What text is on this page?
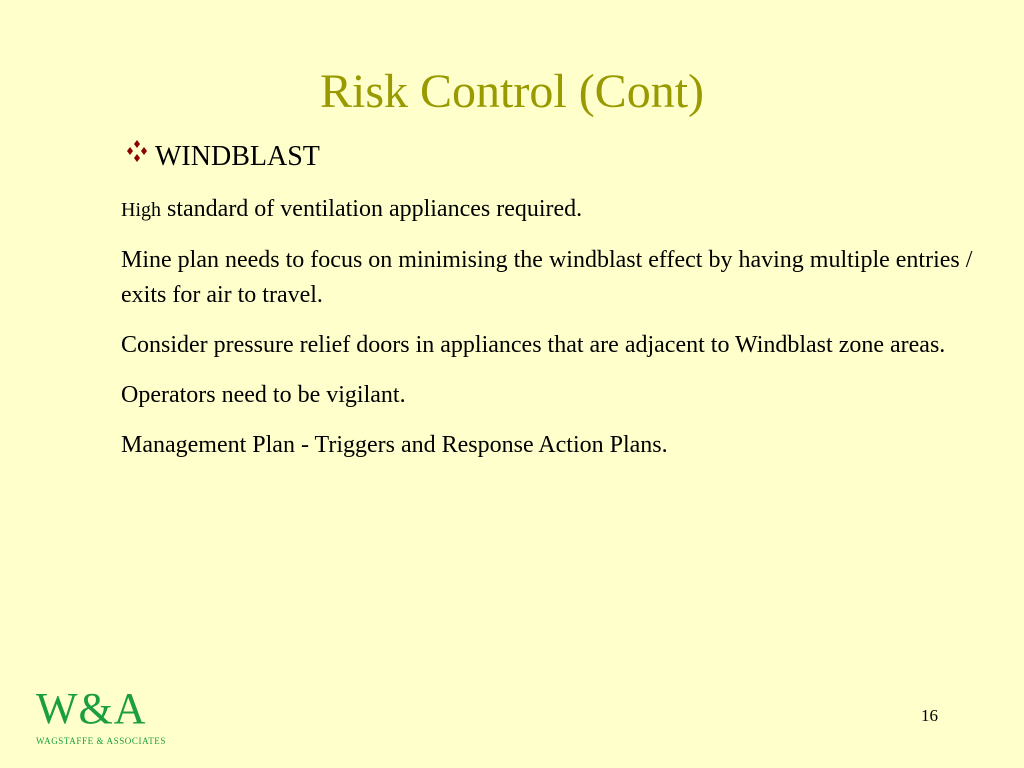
Risk Control (Cont)
WINDBLAST

High standard of ventilation appliances required.

Mine plan needs to focus on minimising the windblast effect by having multiple entries / exits for air to travel.

Consider pressure relief doors in appliances that are adjacent to Windblast zone areas.

Operators need to be vigilant.

Management Plan - Triggers and Response Action Plans.

W&A
WAGSTAFFE & ASSOCIATES
16
